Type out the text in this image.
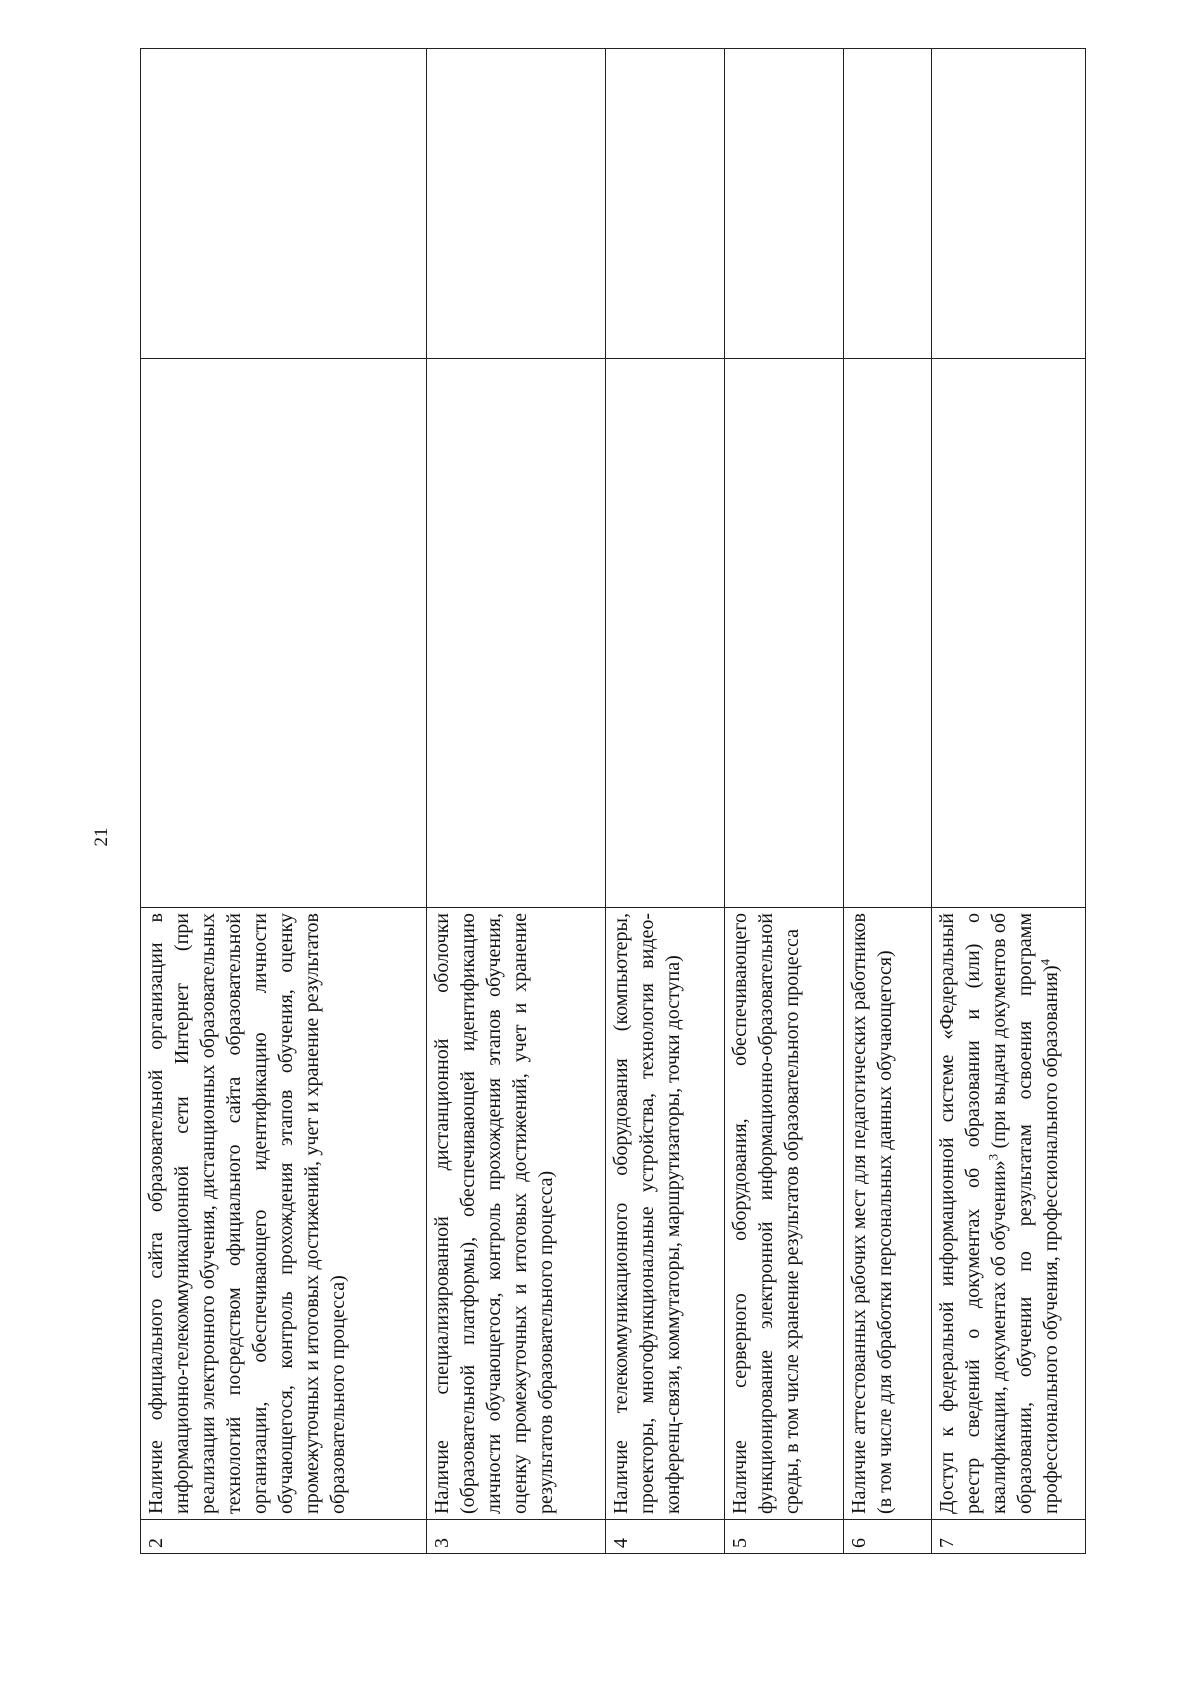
21
2	Наличие официального сайта образовательной организации в информационно-телекоммуникационной сети Интернет (при реализации электронного обучения, дистанционных образовательных технологий посредством официального сайта образовательной организации, обеспечивающего идентификацию личности обучающегося, контроль прохождения этапов обучения, оценку промежуточных и итоговых достижений, учет и хранение результатов образовательного процесса)		
3	Наличие специализированной дистанционной оболочки (образовательной платформы), обеспечивающей идентификацию личности обучающегося, контроль прохождения этапов обучения, оценку промежуточных и итоговых достижений, учет и хранение результатов образовательного процесса)		
4	Наличие телекоммуникационного оборудования (компьютеры, проекторы, многофункциональные устройства, технология видео-конференц-связи, коммутаторы, маршрутизаторы, точки доступа)		
5	Наличие серверного оборудования, обеспечивающего функционирование электронной информационно-образовательной среды, в том числе хранение результатов образовательного процесса		
6	Наличие аттестованных рабочих мест для педагогических работников (в том числе для обработки персональных данных обучающегося)		
7	Доступ к федеральной информационной системе «Федеральный реестр сведений о документах об образовании и (или) о квалификации, документах об обучении»$^3$ (при выдачи документов об образовании, обучении по результатам освоения программ профессионального обучения, профессионального образования)$^4$		
